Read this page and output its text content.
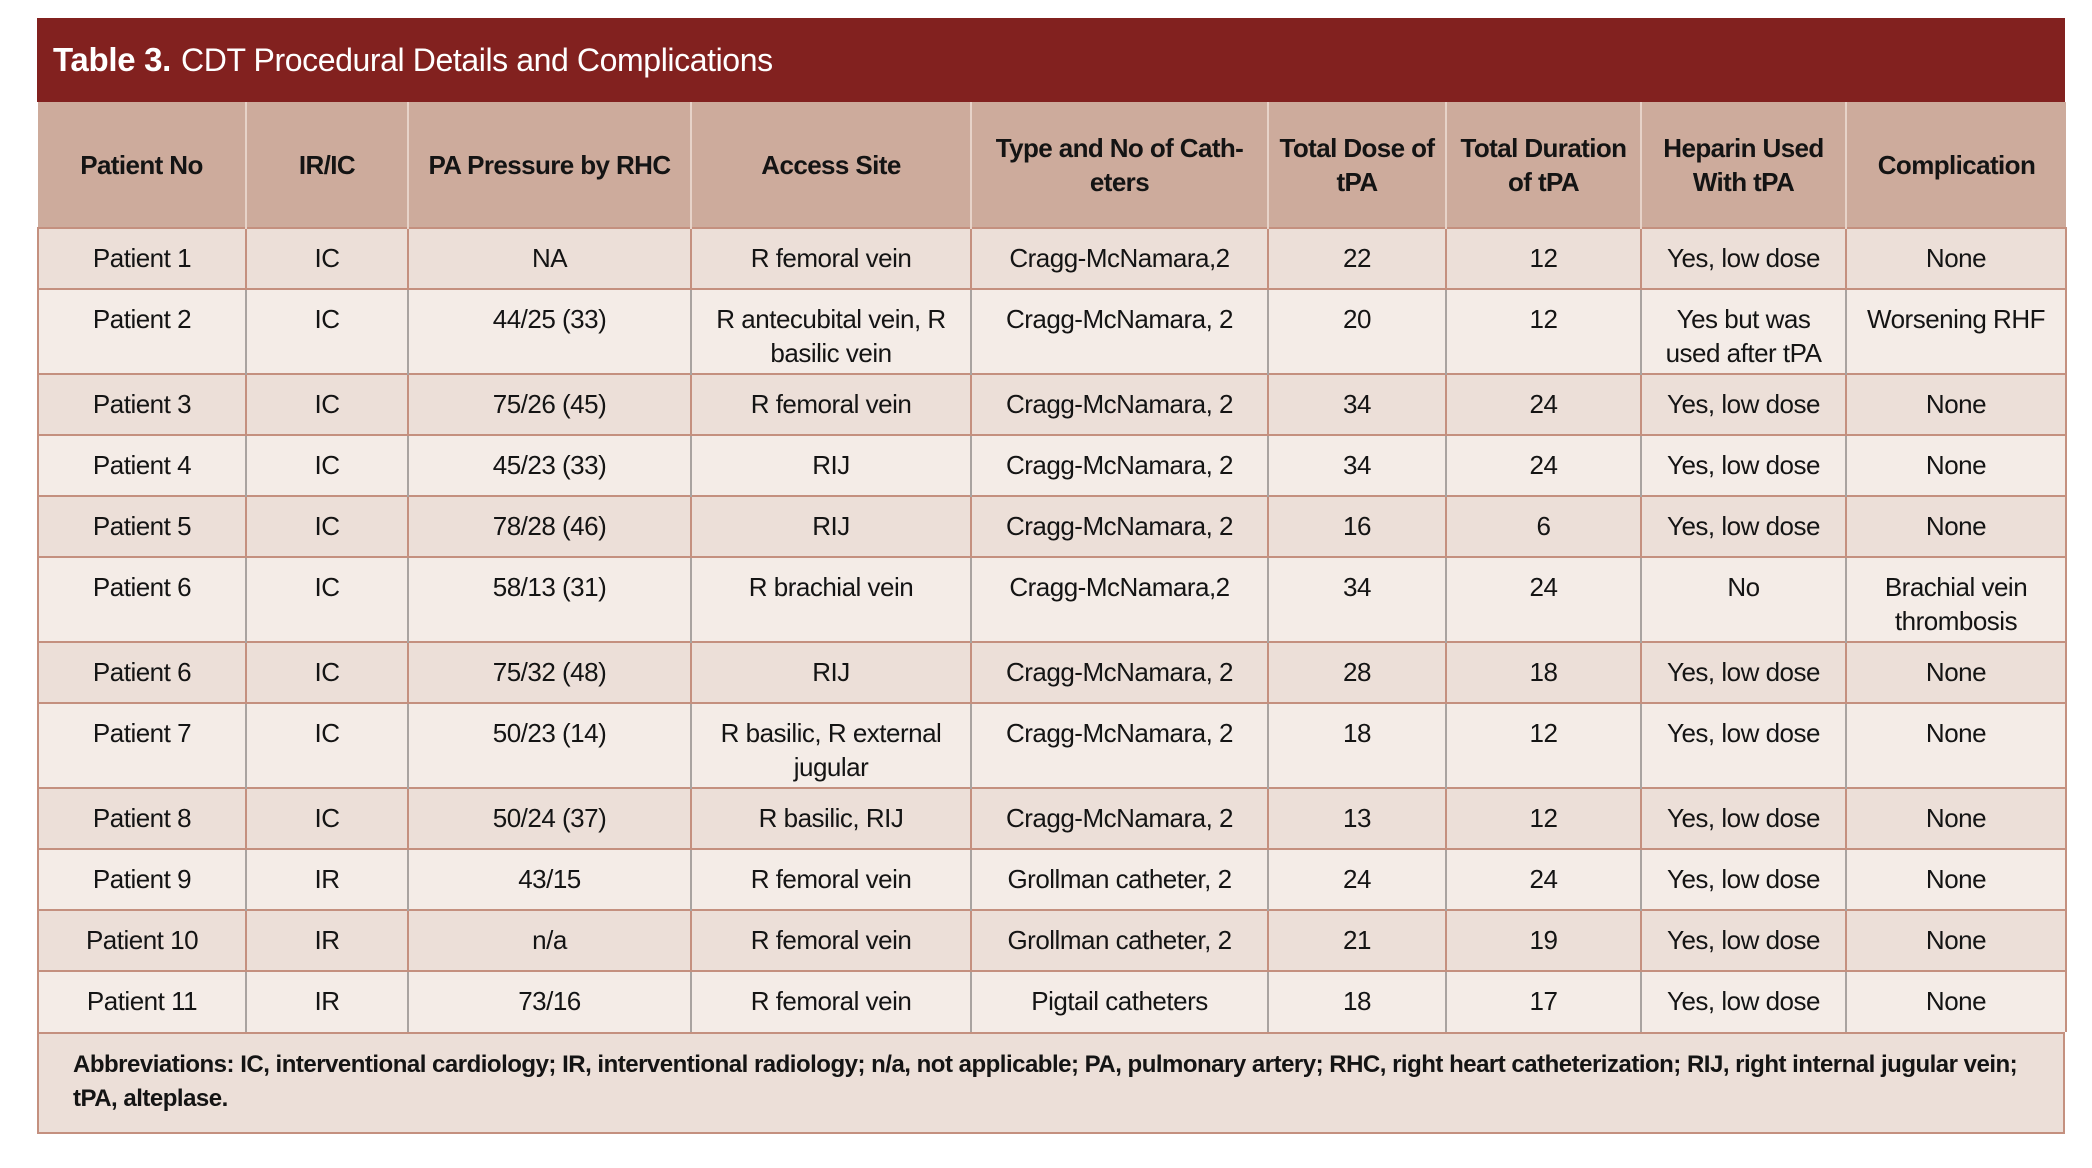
Table 3. CDT Procedural Details and Complications
Patient No	IR/IC	PA Pressure by RHC	Access Site	Type and No of Cath-eters	Total Dose of tPA	Total Duration of tPA	Heparin Used With tPA	Complication
Patient 1	IC	NA	R femoral vein	Cragg-McNamara,2	22	12	Yes, low dose	None
Patient 2	IC	44/25 (33)	R antecubital vein, R basilic vein	Cragg-McNamara, 2	20	12	Yes but was used after tPA	Worsening RHF
Patient 3	IC	75/26 (45)	R femoral vein	Cragg-McNamara, 2	34	24	Yes, low dose	None
Patient 4	IC	45/23 (33)	RIJ	Cragg-McNamara, 2	34	24	Yes, low dose	None
Patient 5	IC	78/28 (46)	RIJ	Cragg-McNamara, 2	16	6	Yes, low dose	None
Patient 6	IC	58/13 (31)	R brachial vein	Cragg-McNamara,2	34	24	No	Brachial vein thrombosis
Patient 6	IC	75/32 (48)	RIJ	Cragg-McNamara, 2	28	18	Yes, low dose	None
Patient 7	IC	50/23 (14)	R basilic, R external jugular	Cragg-McNamara, 2	18	12	Yes, low dose	None
Patient 8	IC	50/24 (37)	R basilic, RIJ	Cragg-McNamara, 2	13	12	Yes, low dose	None
Patient 9	IR	43/15	R femoral vein	Grollman catheter, 2	24	24	Yes, low dose	None
Patient 10	IR	n/a	R femoral vein	Grollman catheter, 2	21	19	Yes, low dose	None
Patient 11	IR	73/16	R femoral vein	Pigtail catheters	18	17	Yes, low dose	None
Abbreviations: IC, interventional cardiology; IR, interventional radiology; n/a, not applicable; PA, pulmonary artery; RHC, right heart catheterization; RIJ, right internal jugular vein; tPA, alteplase.
